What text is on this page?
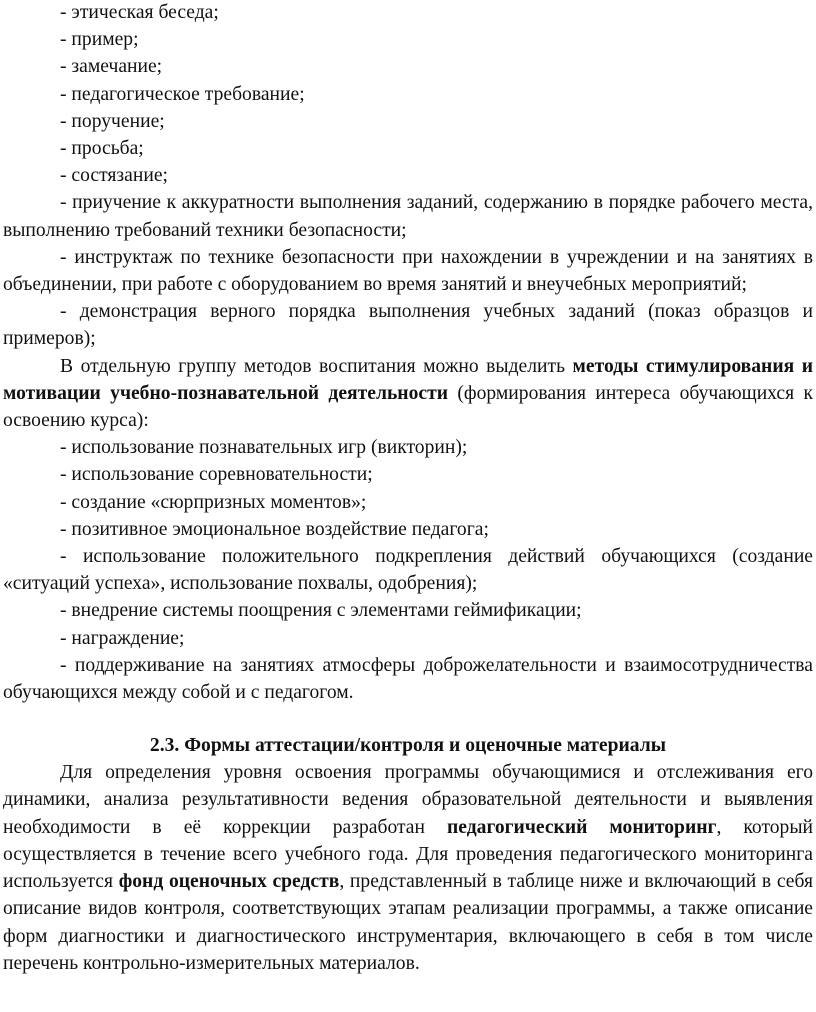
- этическая беседа;

- пример;

- замечание;

- педагогическое требование;

- поручение;

- просьба;

- состязание;

- приучение к аккуратности выполнения заданий, содержанию в порядке рабочего места, выполнению требований техники безопасности;

- инструктаж по технике безопасности при нахождении в учреждении и на занятиях в объединении, при работе с оборудованием во время занятий и внеучебных мероприятий;

- демонстрация верного порядка выполнения учебных заданий (показ образцов и примеров);

В отдельную группу методов воспитания можно выделить методы стимулирования и мотивации учебно-познавательной деятельности (формирования интереса обучающихся к освоению курса):

- использование познавательных игр (викторин);

- использование соревновательности;

- создание «сюрпризных моментов»;

- позитивное эмоциональное воздействие педагога;

- использование положительного подкрепления действий обучающихся (создание «ситуаций успеха», использование похвалы, одобрения);

- внедрение системы поощрения с элементами геймификации;

- награждение;

- поддерживание на занятиях атмосферы доброжелательности и взаимосотрудничества обучающихся между собой и с педагогом.

2.3. Формы аттестации/контроля и оценочные материалы

Для определения уровня освоения программы обучающимися и отслеживания его динамики, анализа результативности ведения образовательной деятельности и выявления необходимости в её коррекции разработан педагогический мониторинг, который осуществляется в течение всего учебного года. Для проведения педагогического мониторинга используется фонд оценочных средств, представленный в таблице ниже и включающий в себя описание видов контроля, соответствующих этапам реализации программы, а также описание форм диагностики и диагностического инструментария, включающего в себя в том числе перечень контрольно-измерительных материалов.
